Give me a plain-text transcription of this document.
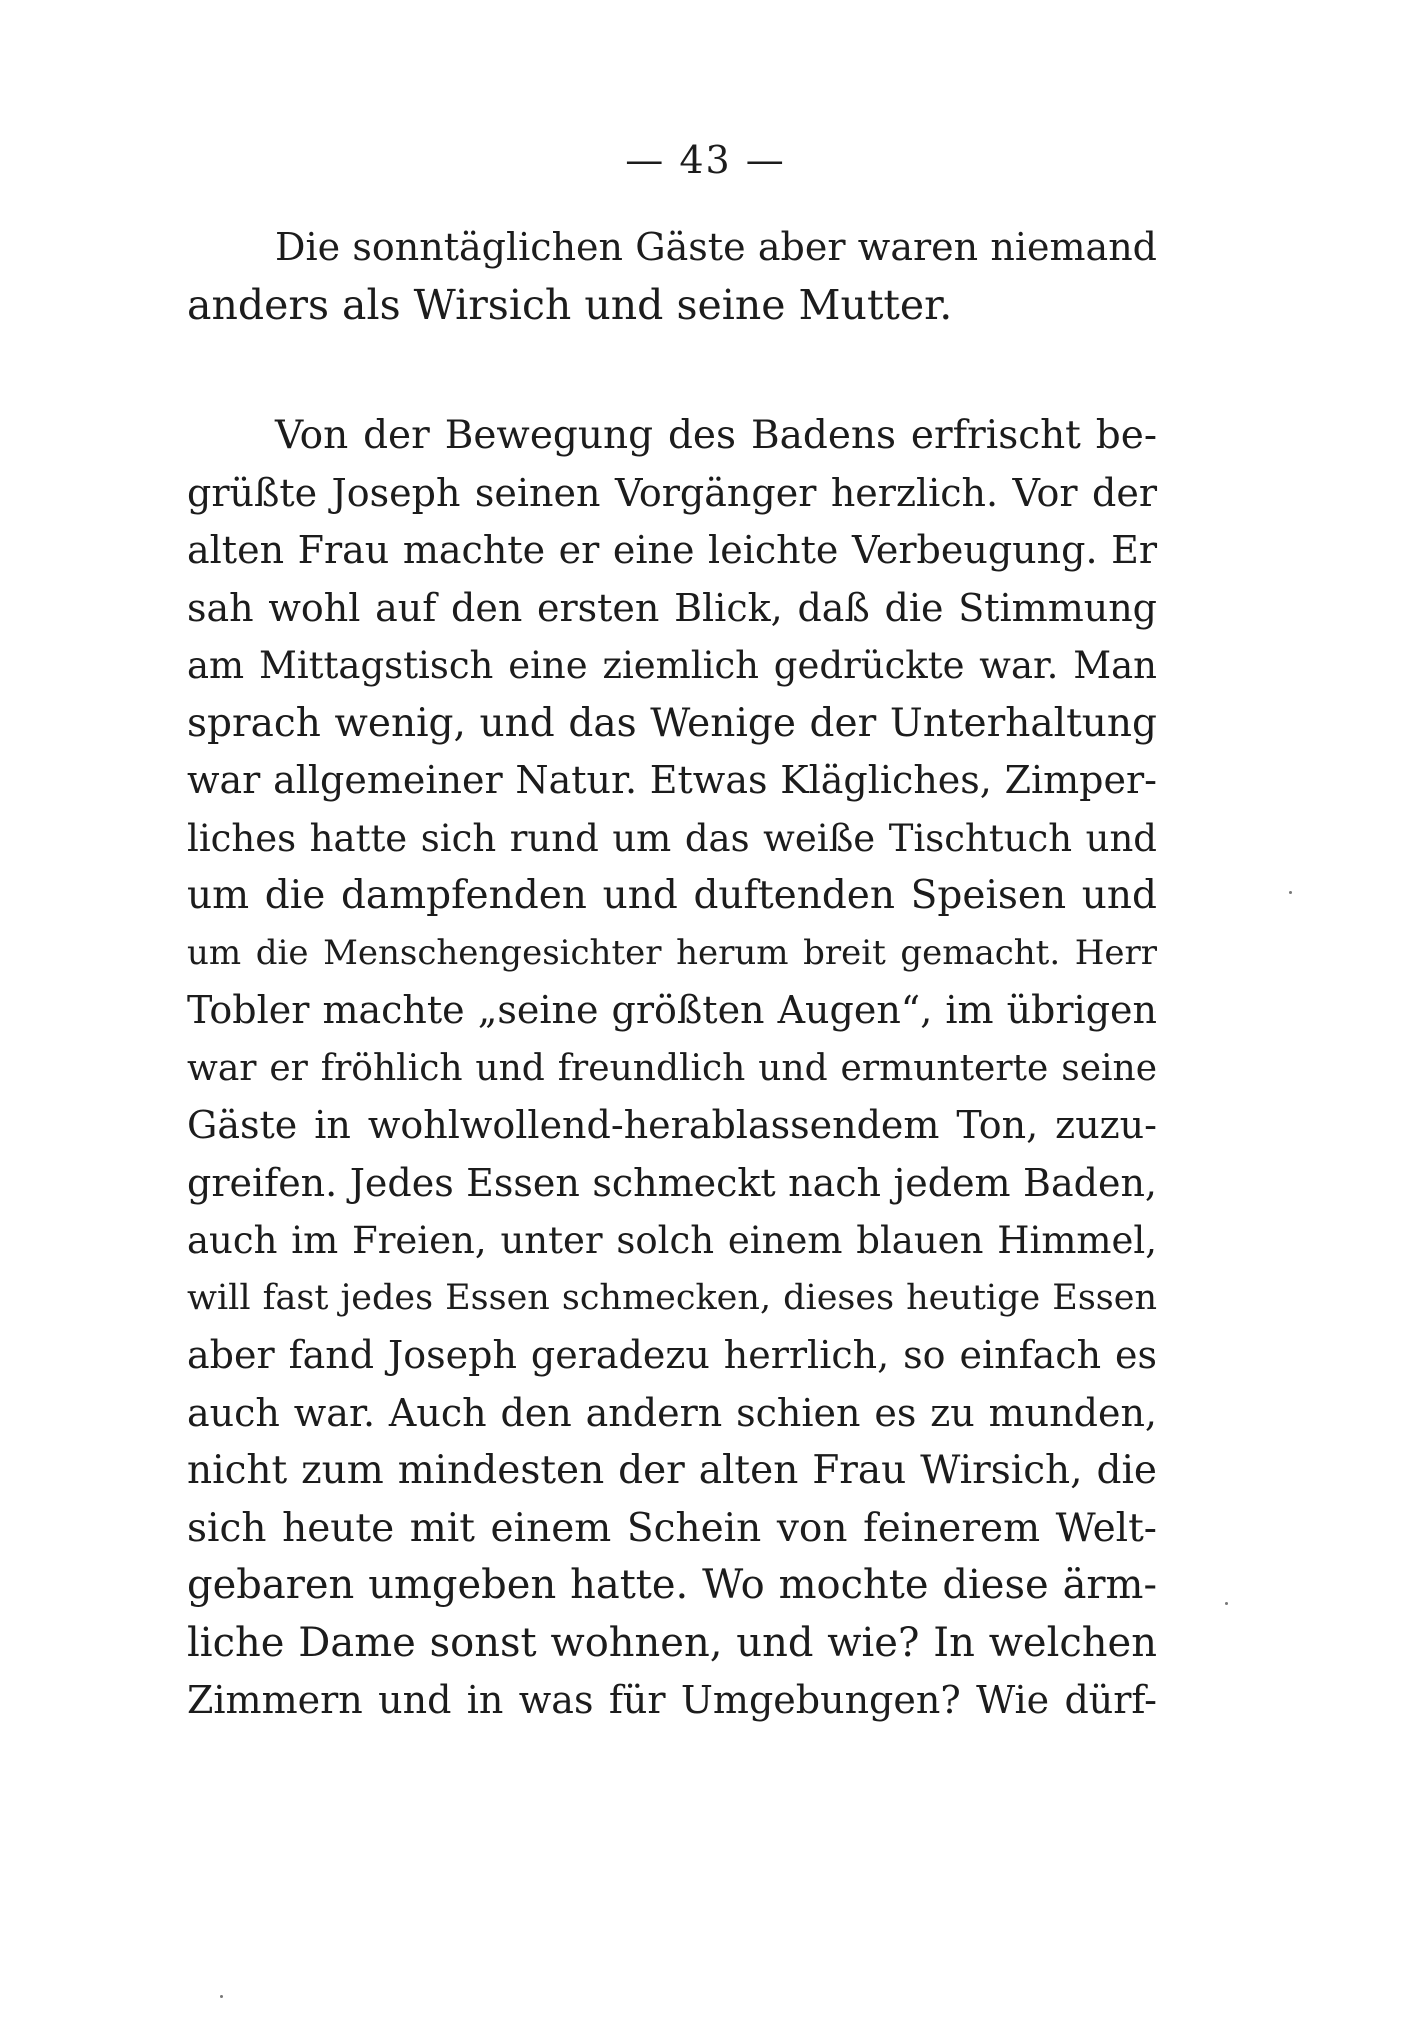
— 43 —
Die sonntäglichen Gäste aber waren niemand
anders als Wirsich und seine Mutter.
Von der Bewegung des Badens erfrischt be-
grüßte Joseph seinen Vorgänger herzlich. Vor der
alten Frau machte er eine leichte Verbeugung. Er
sah wohl auf den ersten Blick, daß die Stimmung
am Mittagstisch eine ziemlich gedrückte war. Man
sprach wenig, und das Wenige der Unterhaltung
war allgemeiner Natur. Etwas Klägliches, Zimper-
liches hatte sich rund um das weiße Tischtuch und
um die dampfenden und duftenden Speisen und
um die Menschengesichter herum breit gemacht. Herr
Tobler machte „seine größten Augen“, im übrigen
war er fröhlich und freundlich und ermunterte seine
Gäste in wohlwollend-herablassendem Ton, zuzu-
greifen. Jedes Essen schmeckt nach jedem Baden,
auch im Freien, unter solch einem blauen Himmel,
will fast jedes Essen schmecken, dieses heutige Essen
aber fand Joseph geradezu herrlich, so einfach es
auch war. Auch den andern schien es zu munden,
nicht zum mindesten der alten Frau Wirsich, die
sich heute mit einem Schein von feinerem Welt-
gebaren umgeben hatte. Wo mochte diese ärm-
liche Dame sonst wohnen, und wie? In welchen
Zimmern und in was für Umgebungen? Wie dürf-
